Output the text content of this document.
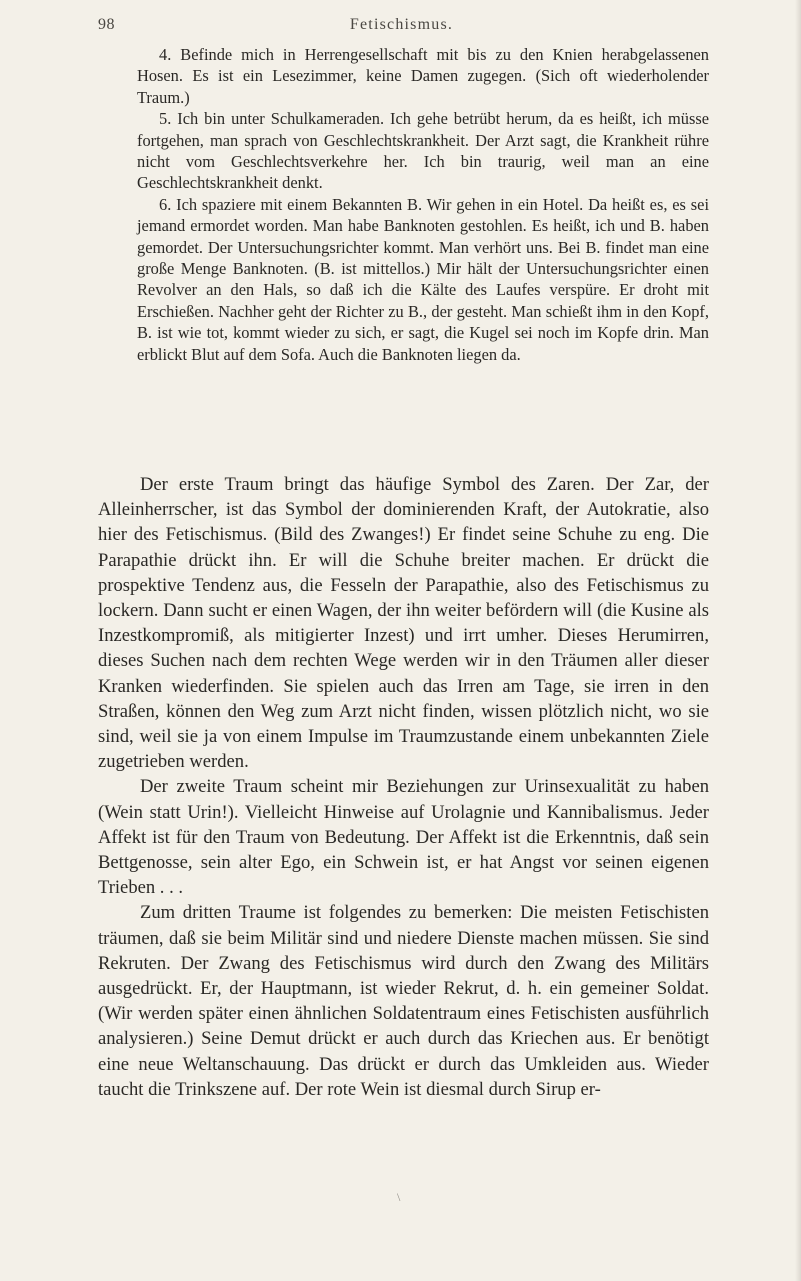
98	Fetischismus.

4. Befinde mich in Herrengesellschaft mit bis zu den Knien herabgelassenen Hosen. Es ist ein Lesezimmer, keine Damen zugegen. (Sich oft wiederholender Traum.)

5. Ich bin unter Schulkameraden. Ich gehe betrübt herum, da es heißt, ich müsse fortgehen, man sprach von Geschlechtskrankheit. Der Arzt sagt, die Krankheit rühre nicht vom Geschlechtsverkehre her. Ich bin traurig, weil man an eine Geschlechtskrankheit denkt.

6. Ich spaziere mit einem Bekannten B. Wir gehen in ein Hotel. Da heißt es, es sei jemand ermordet worden. Man habe Banknoten gestohlen. Es heißt, ich und B. haben gemordet. Der Untersuchungsrichter kommt. Man verhört uns. Bei B. findet man eine große Menge Banknoten. (B. ist mittellos.) Mir hält der Untersuchungsrichter einen Revolver an den Hals, so daß ich die Kälte des Laufes verspüre. Er droht mit Erschießen. Nachher geht der Richter zu B., der gesteht. Man schießt ihm in den Kopf, B. ist wie tot, kommt wieder zu sich, er sagt, die Kugel sei noch im Kopfe drin. Man erblickt Blut auf dem Sofa. Auch die Banknoten liegen da.

Der erste Traum bringt das häufige Symbol des Zaren. Der Zar, der Alleinherrscher, ist das Symbol der dominierenden Kraft, der Autokratie, also hier des Fetischismus. (Bild des Zwanges!) Er findet seine Schuhe zu eng. Die Parapathie drückt ihn. Er will die Schuhe breiter machen. Er drückt die prospektive Tendenz aus, die Fesseln der Parapathie, also des Fetischismus zu lockern. Dann sucht er einen Wagen, der ihn weiter befördern will (die Kusine als Inzestkompromiß, als mitigierter Inzest) und irrt umher. Dieses Herumirren, dieses Suchen nach dem rechten Wege werden wir in den Träumen aller dieser Kranken wiederfinden. Sie spielen auch das Irren am Tage, sie irren in den Straßen, können den Weg zum Arzt nicht finden, wissen plötzlich nicht, wo sie sind, weil sie ja von einem Impulse im Traumzustande einem unbekannten Ziele zugetrieben werden.

Der zweite Traum scheint mir Beziehungen zur Urinsexualität zu haben (Wein statt Urin!). Vielleicht Hinweise auf Urolagnie und Kannibalismus. Jeder Affekt ist für den Traum von Bedeutung. Der Affekt ist die Erkenntnis, daß sein Bettgenosse, sein alter Ego, ein Schwein ist, er hat Angst vor seinen eigenen Trieben . . .

Zum dritten Traume ist folgendes zu bemerken: Die meisten Fetischisten träumen, daß sie beim Militär sind und niedere Dienste machen müssen. Sie sind Rekruten. Der Zwang des Fetischismus wird durch den Zwang des Militärs ausgedrückt. Er, der Hauptmann, ist wieder Rekrut, d. h. ein gemeiner Soldat. (Wir werden später einen ähnlichen Soldatentraum eines Fetischisten ausführlich analysieren.) Seine Demut drückt er auch durch das Kriechen aus. Er benötigt eine neue Weltanschauung. Das drückt er durch das Umkleiden aus. Wieder taucht die Trinkszene auf. Der rote Wein ist diesmal durch Sirup er-

\
